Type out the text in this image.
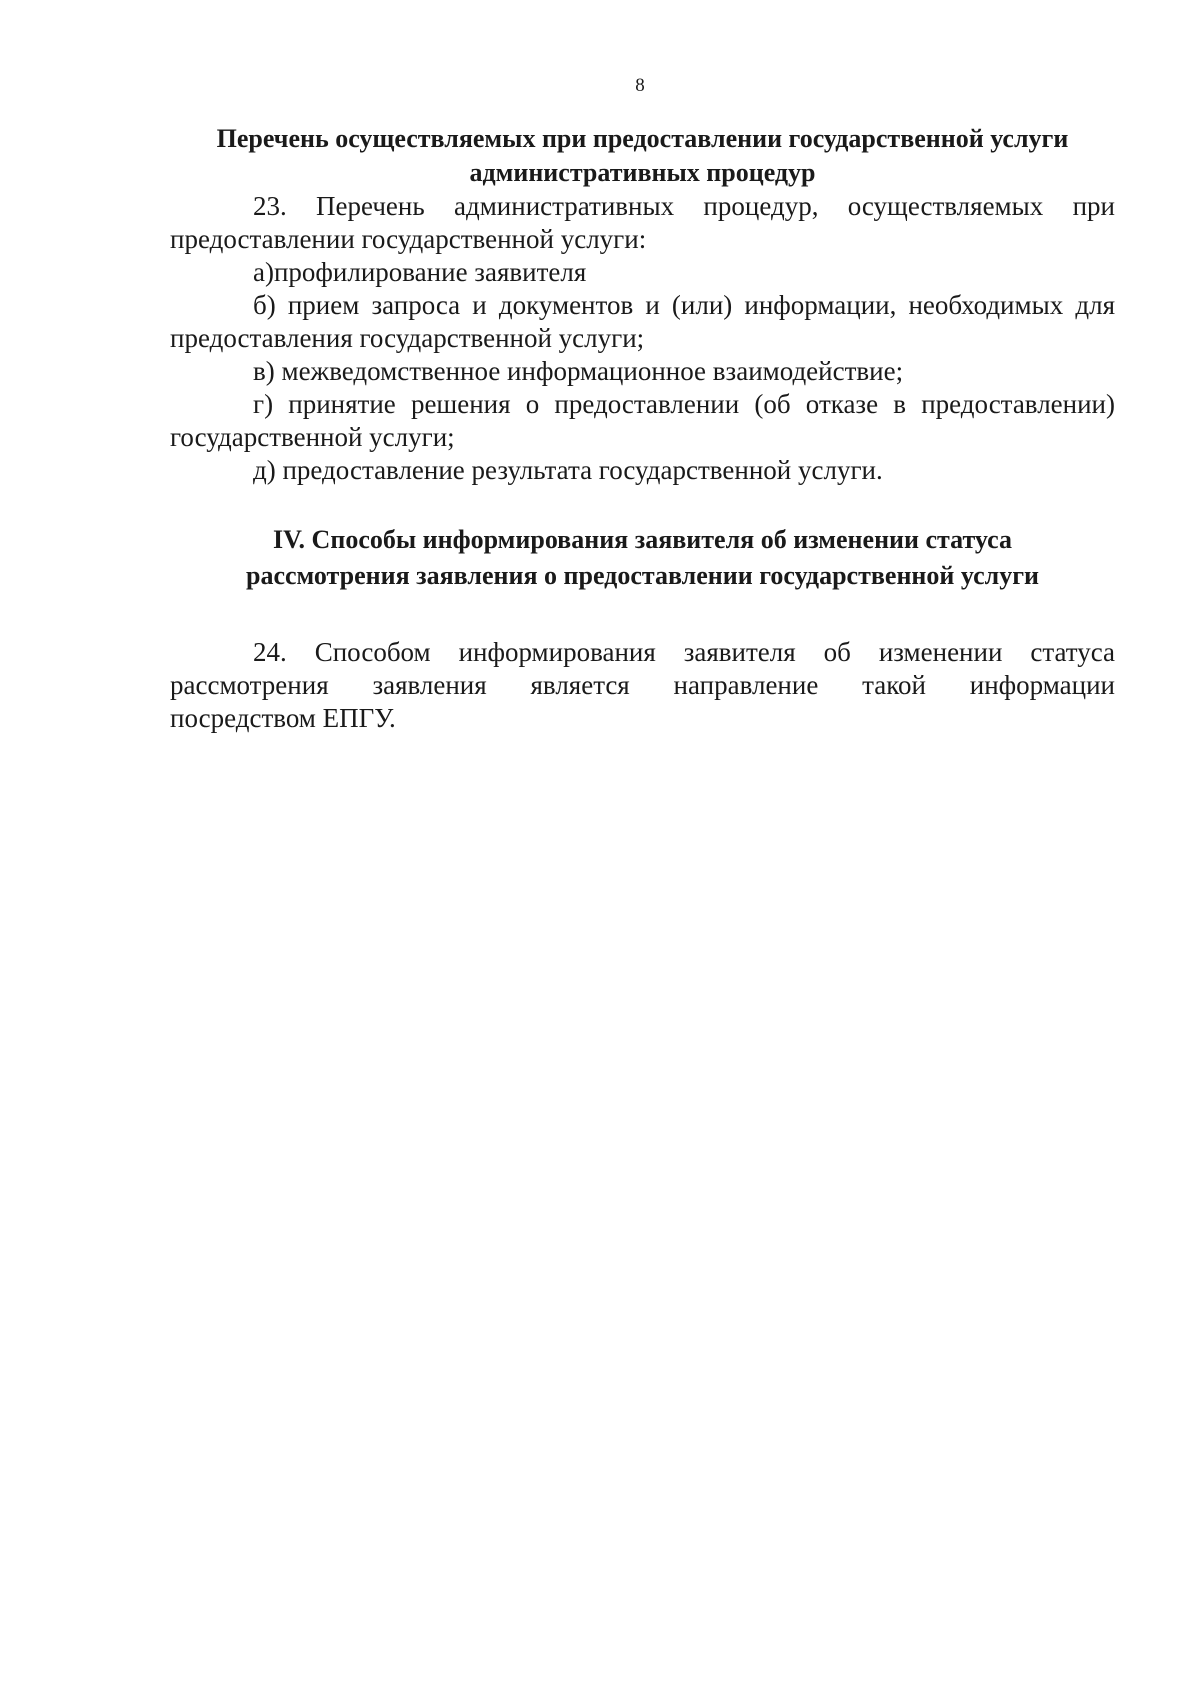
8
Перечень осуществляемых при предоставлении государственной услуги
административных процедур

23. Перечень административных процедур, осуществляемых при
предоставлении государственной услуги:

а)профилирование заявителя

б) прием запроса и документов и (или) информации, необходимых для
предоставления государственной услуги;

в) межведомственное информационное взаимодействие;

г) принятие решения о предоставлении (об отказе в предоставлении)
государственной услуги;

д) предоставление результата государственной услуги.

IV. Способы информирования заявителя об изменении статуса
рассмотрения заявления о предоставлении государственной услуги

24. Способом информирования заявителя об изменении статуса
рассмотрения заявления является направление такой информации
посредством ЕПГУ.
